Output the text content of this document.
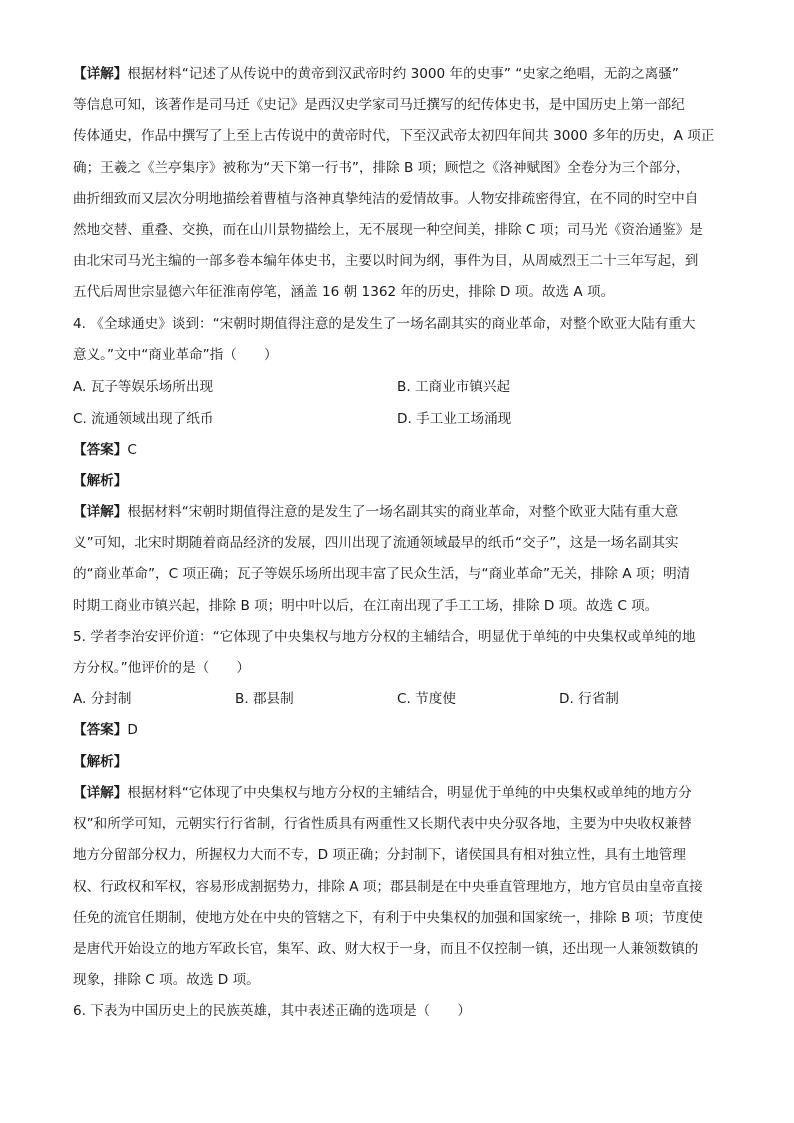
【详解】根据材料“记述了从传说中的黄帝到汉武帝时约 3000 年的史事” “史家之绝唱，无韵之离骚”
等信息可知，该著作是司马迁《史记》是西汉史学家司马迁撰写的纪传体史书，是中国历史上第一部纪
传体通史，作品中撰写了上至上古传说中的黄帝时代，下至汉武帝太初四年间共 3000 多年的历史，A 项正
确；王羲之《兰亭集序》被称为“天下第一行书”，排除 B 项；顾恺之《洛神赋图》全卷分为三个部分，
曲折细致而又层次分明地描绘着曹植与洛神真挚纯洁的爱情故事。人物安排疏密得宜，在不同的时空中自
然地交替、重叠、交换，而在山川景物描绘上，无不展现一种空间美，排除 C 项；司马光《资治通鉴》是
由北宋司马光主编的一部多卷本编年体史书，主要以时间为纲，事件为目，从周威烈王二十三年写起，到
五代后周世宗显德六年征淮南停笔，涵盖 16 朝 1362 年的历史，排除 D 项。故选 A 项。
4. 《全球通史》谈到：“宋朝时期值得注意的是发生了一场名副其实的商业革命，对整个欧亚大陆有重大
意义。”文中“商业革命”指（　　）
A. 瓦子等娱乐场所出现	B. 工商业市镇兴起
C. 流通领域出现了纸币	D. 手工业工场涌现
【答案】C
【解析】
【详解】根据材料“宋朝时期值得注意的是发生了一场名副其实的商业革命，对整个欧亚大陆有重大意
义”可知，北宋时期随着商品经济的发展，四川出现了流通领域最早的纸币“交子”，这是一场名副其实
的“商业革命”，C 项正确；瓦子等娱乐场所出现丰富了民众生活，与“商业革命”无关，排除 A 项；明清
时期工商业市镇兴起，排除 B 项；明中叶以后，在江南出现了手工工场，排除 D 项。故选 C 项。
5. 学者李治安评价道：“它体现了中央集权与地方分权的主辅结合，明显优于单纯的中央集权或单纯的地
方分权。”他评价的是（　　）
A. 分封制	B. 郡县制	C. 节度使	D. 行省制
【答案】D
【解析】
【详解】根据材料“它体现了中央集权与地方分权的主辅结合，明显优于单纯的中央集权或单纯的地方分
权”和所学可知，元朝实行行省制，行省性质具有两重性又长期代表中央分驭各地，主要为中央收权兼替
地方分留部分权力，所握权力大而不专，D 项正确；分封制下，诸侯国具有相对独立性，具有土地管理
权、行政权和军权，容易形成割据势力，排除 A 项；郡县制是在中央垂直管理地方，地方官员由皇帝直接
任免的流官任期制，使地方处在中央的管辖之下，有利于中央集权的加强和国家统一，排除 B 项；节度使
是唐代开始设立的地方军政长官，集军、政、财大权于一身，而且不仅控制一镇，还出现一人兼领数镇的
现象，排除 C 项。故选 D 项。
6. 下表为中国历史上的民族英雄，其中表述正确的选项是（　　）
